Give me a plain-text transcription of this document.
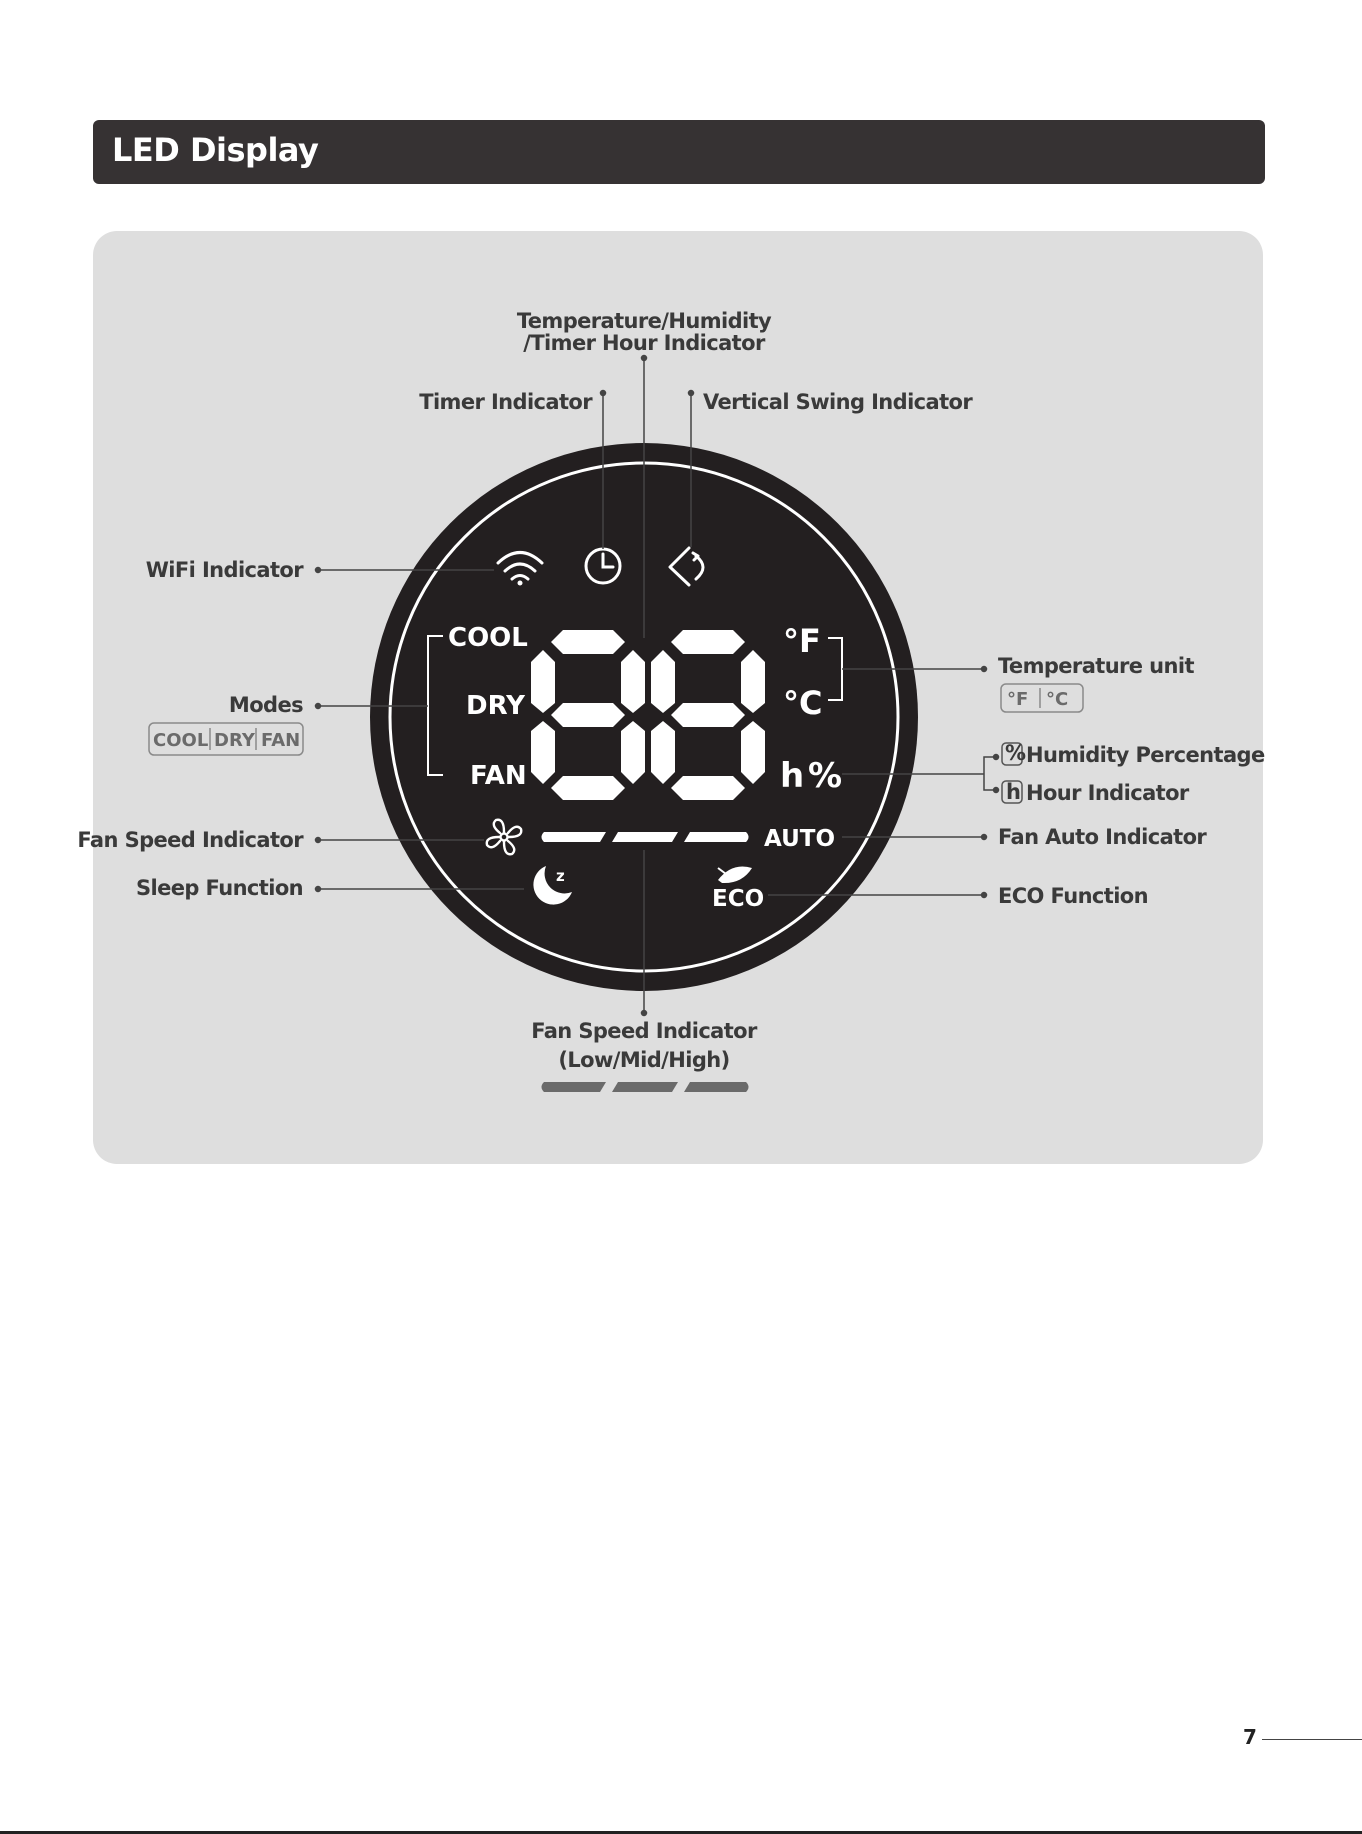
LED Display
COOL
DRY
FAN
°F
°C
h %
AUTO
z
ECO
Temperature/Humidity
/Timer Hour Indicator
Timer Indicator	Vertical Swing Indicator
WiFi Indicator
Modes
Temperature unit
Humidity Percentage
Hour Indicator
Fan Speed Indicator	Fan Auto Indicator
Sleep Function	ECO Function
Fan Speed Indicator
(Low/Mid/High)
COOL DRY FAN
°F °C
%
h
7
